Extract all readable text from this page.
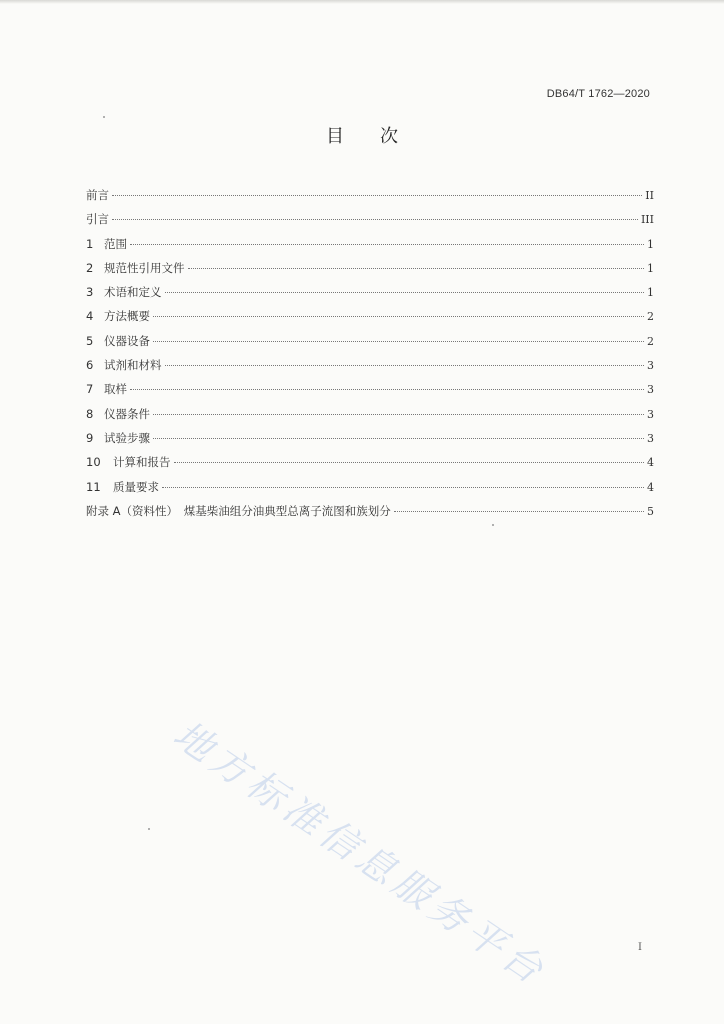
DB64/T 1762—2020
目 次
前言	II
引言	III
1 范围	1
2 规范性引用文件	1
3 术语和定义	1
4 方法概要	2
5 仪器设备	2
6 试剂和材料	3
7 取样	3
8 仪器条件	3
9 试验步骤	3
10	计算和报告	4
11	质量要求	4
附录 A（资料性）　煤基柴油组分油典型总离子流图和族划分	5
地方标准信息服务平台	I
